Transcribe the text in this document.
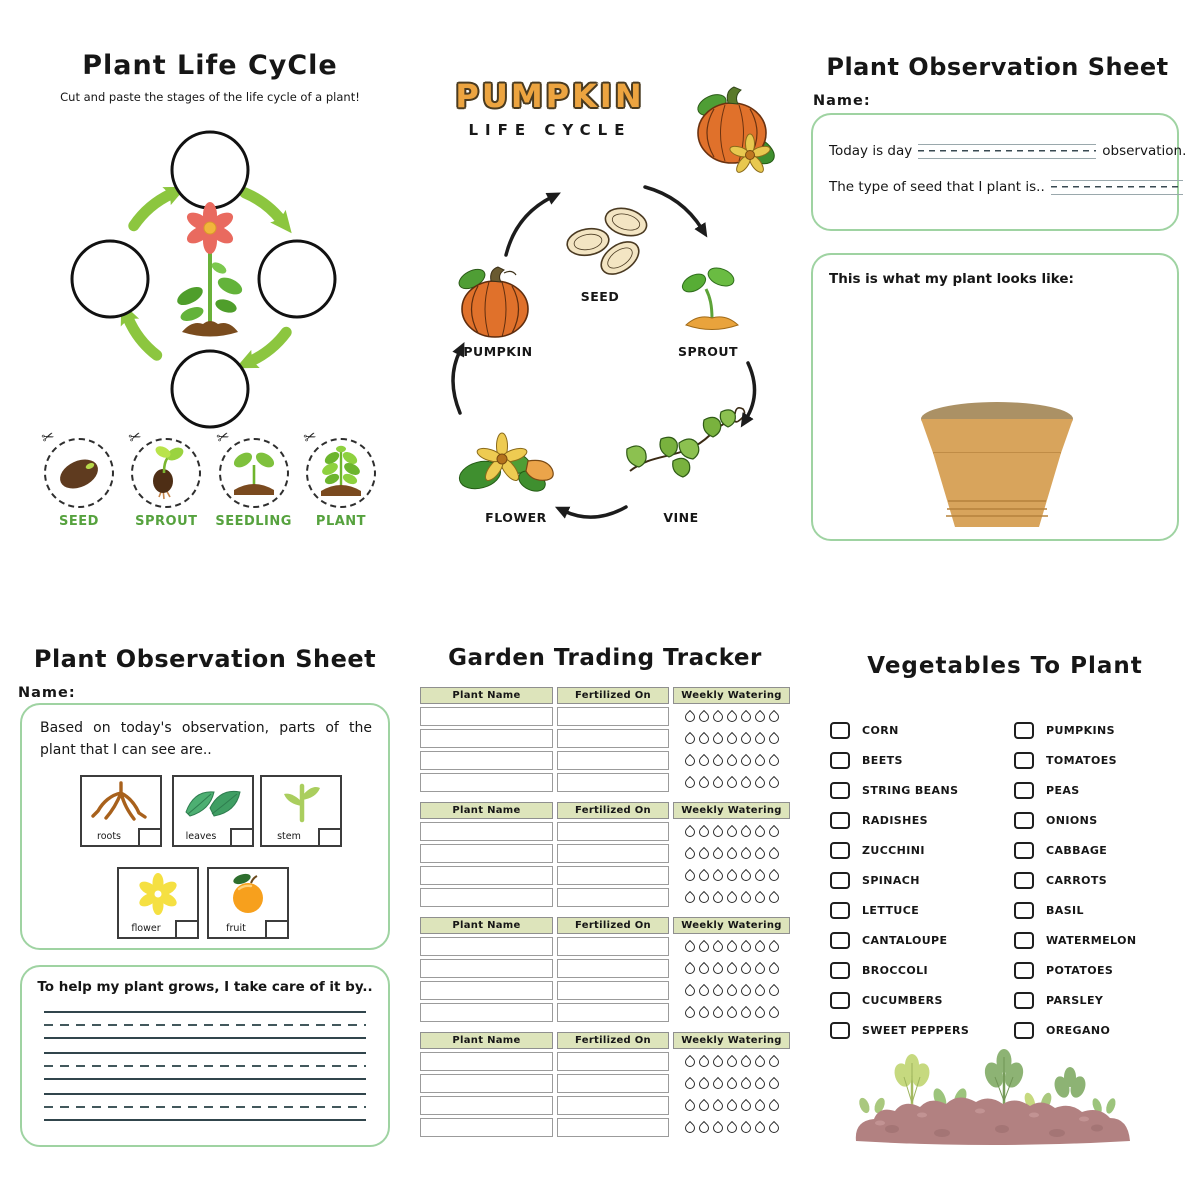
Plant Life CyCle
Cut and paste the stages of the life cycle of a plant!
✂
SEED
✂
SPROUT
✂
SEEDLING
✂
PLANT
PUMPKIN
LIFE CYCLE
SEED
PUMPKIN	SPROUT
VINE
FLOWER
Plant Observation Sheet
Name:
Today is day	observation.
The type of seed that I plant is..
This is what my plant looks like:
Plant Observation Sheet
Name:
Based on today's observation, parts of the plant that I can see are..
roots	leaves	stem
flower	fruit
To help my plant grows, I take care of it by..
Garden Trading Tracker
Plant Name	Fertilized On	Weekly Watering
Plant Name	Fertilized On	Weekly Watering
Plant Name	Fertilized On	Weekly Watering
Plant Name	Fertilized On	Weekly Watering
Vegetables To Plant
CORN
BEETS
STRING BEANS
RADISHES
ZUCCHINI
SPINACH
LETTUCE
CANTALOUPE
BROCCOLI
CUCUMBERS
SWEET PEPPERS
PUMPKINS
TOMATOES
PEAS
ONIONS
CABBAGE
CARROTS
BASIL
WATERMELON
POTATOES
PARSLEY
OREGANO
